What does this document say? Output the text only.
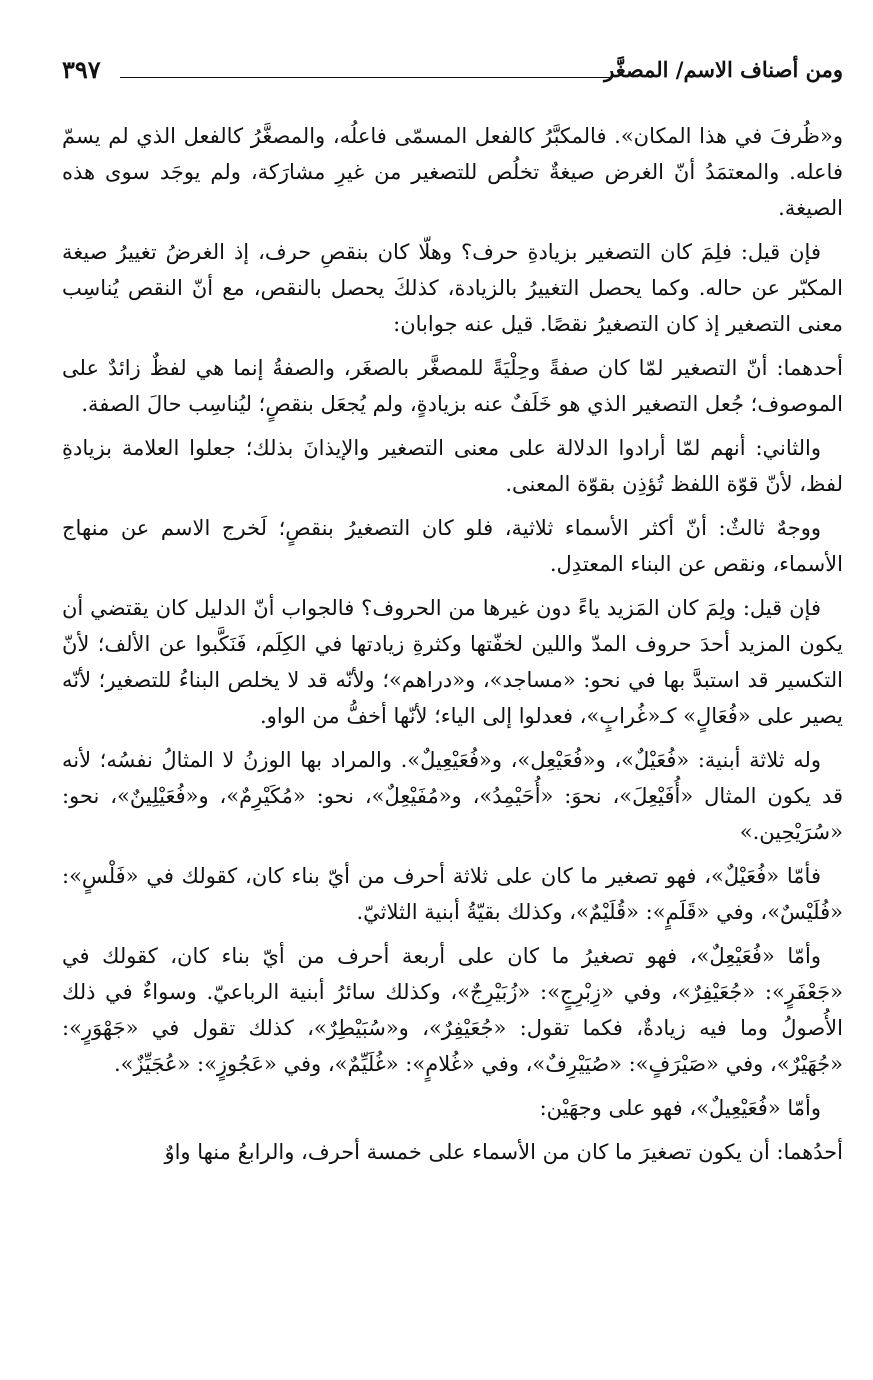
ومن أصناف الاسم/ المصغَّر
٣٩٧

و«ظُرفَ في هذا المكان». فالمكبَّرُ كالفعل المسمّى فاعلُه، والمصغَّرُ كالفعل الذي لم يسمّ فاعله. والمعتمَدُ أنّ الغرض صيغةٌ تخلُص للتصغير من غيرِ مشارَكة، ولم يوجَد سوى هذه الصيغة.

فإن قيل: فلِمَ كان التصغير بزيادةِ حرف؟ وهلّا كان بنقصِ حرف، إذ الغرضُ تغييرُ صيغة المكبّر عن حاله. وكما يحصل التغييرُ بالزيادة، كذلكَ يحصل بالنقص، مع أنّ النقص يُناسِب معنى التصغير إذ كان التصغيرُ نقصًا. قيل عنه جوابان:

أحدهما: أنّ التصغير لمّا كان صفةً وحِلْيَةً للمصغَّر بالصغَر، والصفةُ إنما هي لفظٌ زائدٌ على الموصوف؛ جُعل التصغير الذي هو خَلَفٌ عنه بزيادةٍ، ولم يُجعَل بنقصٍ؛ ليُناسِب حالَ الصفة.

والثاني: أنهم لمّا أرادوا الدلالة على معنى التصغير والإيذانَ بذلك؛ جعلوا العلامة بزيادةِ لفظ، لأنّ قوّة اللفظ تُؤذِن بقوّة المعنى.

ووجهٌ ثالثٌ: أنّ أكثر الأسماء ثلاثية، فلو كان التصغيرُ بنقصٍ؛ لَخرج الاسم عن منهاج الأسماء، ونقص عن البناء المعتدِل.

فإن قيل: ولِمَ كان المَزيد ياءً دون غيرها من الحروف؟ فالجواب أنّ الدليل كان يقتضي أن يكون المزيد أحدَ حروف المدّ واللين لخفّتها وكثرةِ زيادتها في الكِلَم، فَنَكَّبوا عن الألف؛ لأنّ التكسير قد استبدَّ بها في نحو: «مساجد»، و«دراهم»؛ ولأنّه قد لا يخلص البناءُ للتصغير؛ لأنّه يصير على «فُعَالٍ» كـ«غُرابٍ»، فعدلوا إلى الياء؛ لأنّها أخفُّ من الواو.

وله ثلاثة أبنية: «فُعَيْلٌ»، و«فُعَيْعِل»، و«فُعَيْعِيلٌ». والمراد بها الوزنُ لا المثالُ نفسُه؛ لأنه قد يكون المثال «أُفَيْعِلَ»، نحوَ: «أُحَيْمِدُ»، و«مُفَيْعِلٌ»، نحو: «مُكَيْرِمٌ»، و«فُعَيْلِينٌ»، نحو: «سُرَيْحِين.»

فأمّا «فُعَيْلٌ»، فهو تصغير ما كان على ثلاثة أحرف من أيّ بناء كان، كقولك في «فَلْسٍ»: «فُلَيْسٌ»، وفي «قَلَمٍ»: «قُلَيْمٌ»، وكذلك بقيّةُ أبنية الثلاثيّ.

وأمّا «فُعَيْعِلٌ»، فهو تصغيرُ ما كان على أربعة أحرف من أيّ بناء كان، كقولك في «جَعْفَرٍ»: «جُعَيْفِرٌ»، وفي «زِبْرِجٍ»: «زُبَيْرِجٌ»، وكذلك سائرُ أبنية الرباعيّ. وسواءٌ في ذلك الأُصولُ وما فيه زيادةٌ، فكما تقول: «جُعَيْفِرٌ»، و«سُبَيْطِرٌ»، كذلك تقول في «جَهْوَرٍ»: «جُهَيْرٌ»، وفي «صَيْرَفٍ»: «صُيَيْرِفٌ»، وفي «غُلامٍ»: «غُلَيِّمٌ»، وفي «عَجُوزٍ»: «عُجَيِّزٌ».

وأمّا «فُعَيْعِيلٌ»، فهو على وجهَيْن:

أحدُهما: أن يكون تصغيرَ ما كان من الأسماء على خمسة أحرف، والرابعُ منها واوٌ
